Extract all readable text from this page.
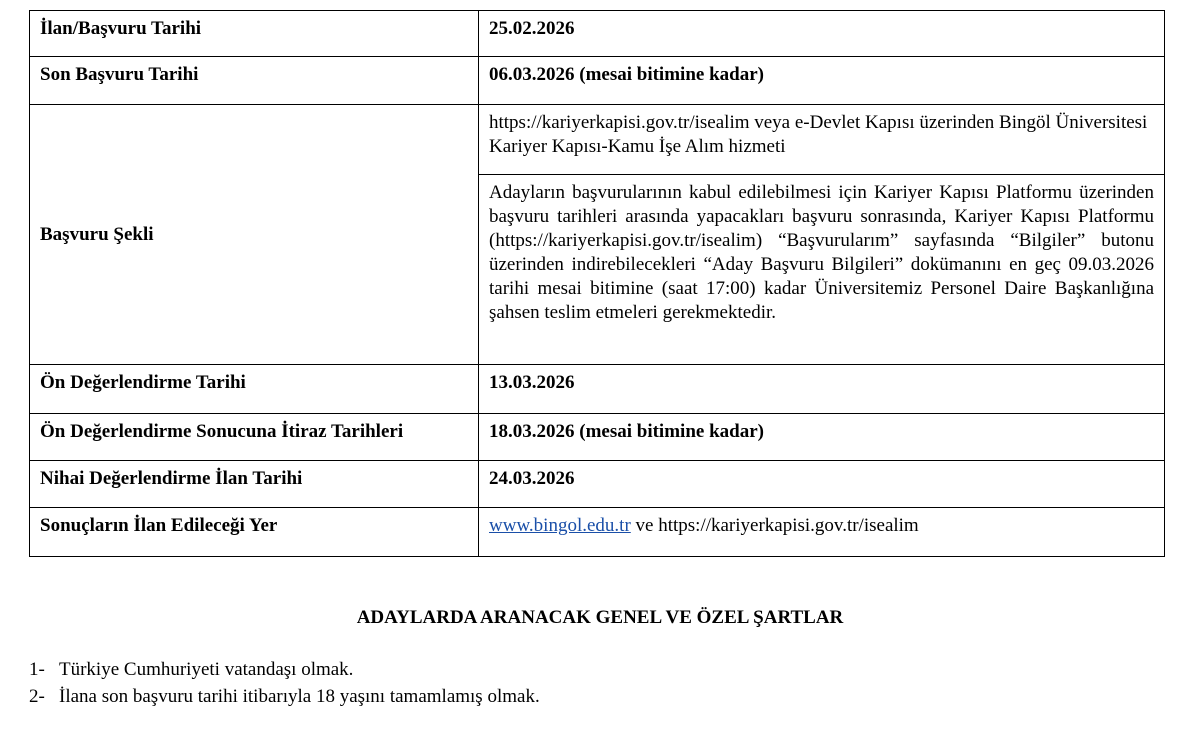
İlan/Başvuru Tarihi	25.02.2026
Son Başvuru Tarihi	06.03.2026 (mesai bitimine kadar)
Başvuru Şekli	https://kariyerkapisi.gov.tr/isealim veya e-Devlet Kapısı üzerinden Bingöl Üniversitesi Kariyer Kapısı-Kamu İşe Alım hizmeti
	Adayların başvurularının kabul edilebilmesi için Kariyer Kapısı Platformu üzerinden başvuru tarihleri arasında yapacakları başvuru sonrasında, Kariyer Kapısı Platformu (https://kariyerkapisi.gov.tr/isealim) “Başvurularım” sayfasında “Bilgiler” butonu üzerinden indirebilecekleri “Aday Başvuru Bilgileri” dokümanını en geç 09.03.2026 tarihi mesai bitimine (saat 17:00) kadar Üniversitemiz Personel Daire Başkanlığına şahsen teslim etmeleri gerekmektedir.
Ön Değerlendirme Tarihi	13.03.2026
Ön Değerlendirme Sonucuna İtiraz Tarihleri	18.03.2026 (mesai bitimine kadar)
Nihai Değerlendirme İlan Tarihi	24.03.2026
Sonuçların İlan Edileceği Yer	www.bingol.edu.tr ve https://kariyerkapisi.gov.tr/isealim
ADAYLARDA ARANACAK GENEL VE ÖZEL ŞARTLAR
1- Türkiye Cumhuriyeti vatandaşı olmak.
2- İlana son başvuru tarihi itibarıyla 18 yaşını tamamlamış olmak.
